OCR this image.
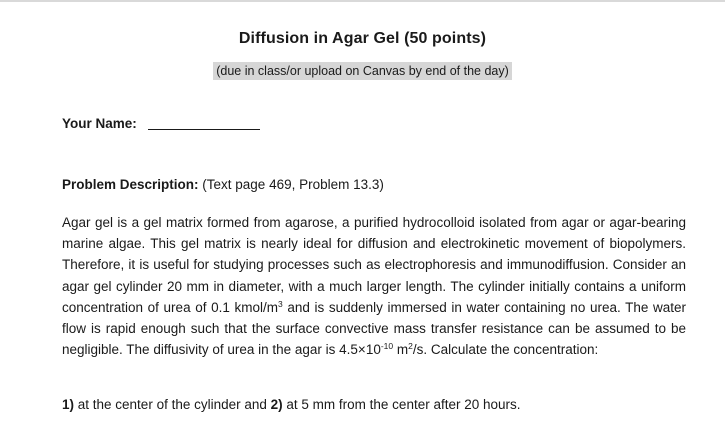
Diffusion in Agar Gel (50 points)
(due in class/or upload on Canvas by end of the day)
Your Name:
Problem Description: (Text page 469, Problem 13.3)
Agar gel is a gel matrix formed from agarose, a purified hydrocolloid isolated from agar or agar-bearing marine algae. This gel matrix is nearly ideal for diffusion and electrokinetic movement of biopolymers. Therefore, it is useful for studying processes such as electrophoresis and immunodiffusion. Consider an agar gel cylinder 20 mm in diameter, with a much larger length. The cylinder initially contains a uniform concentration of urea of 0.1 kmol/$m^3$ and is suddenly immersed in water containing no urea. The water flow is rapid enough such that the surface convective mass transfer resistance can be assumed to be negligible. The diffusivity of urea in the agar is $4.5\times 10^{-10}$ $m^2/s$. Calculate the concentration:
1) at the center of the cylinder and 2) at 5 mm from the center after 20 hours.
